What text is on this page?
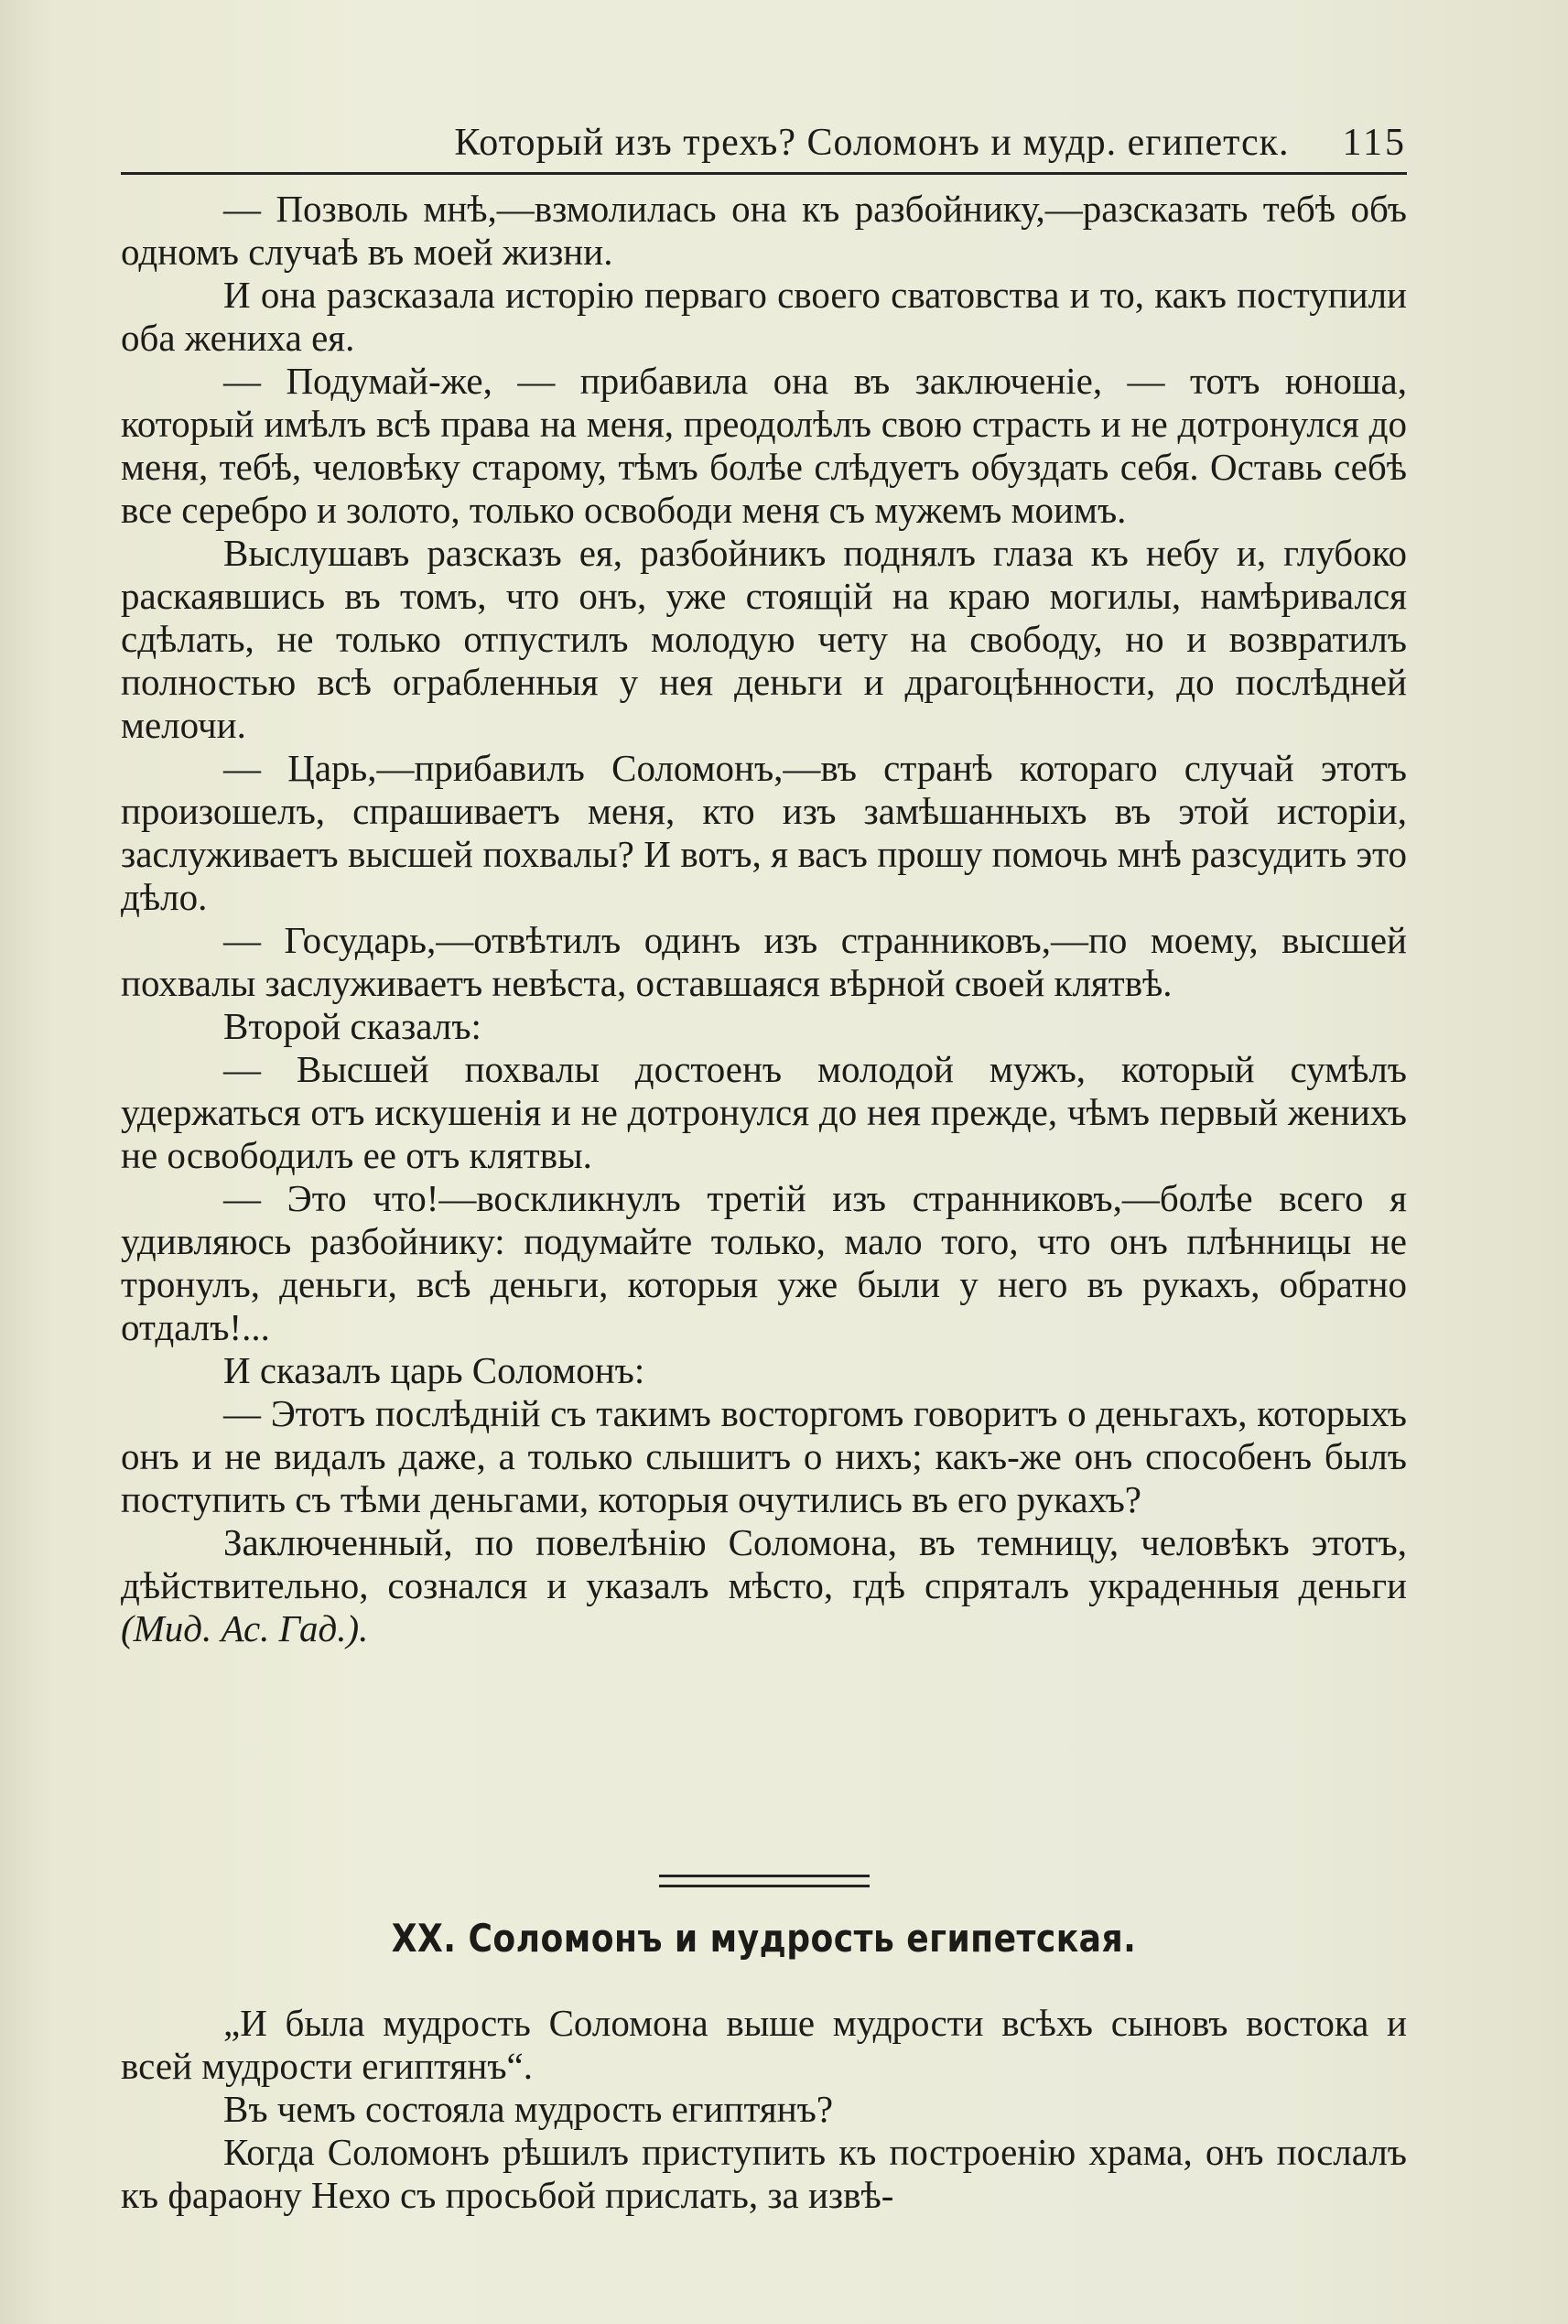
Который изъ трехъ? Соломонъ и мудр. египетск. 115

— Позволь мнѣ,—взмолилась она къ разбойнику,—разсказать тебѣ объ одномъ случаѣ въ моей жизни.

И она разсказала исторію перваго своего сватовства и то, какъ поступили оба жениха ея.

— Подумай-же, — прибавила она въ заключеніе, — тотъ юноша, который имѣлъ всѣ права на меня, преодолѣлъ свою страсть и не дотронулся до меня, тебѣ, человѣку старому, тѣмъ болѣе слѣдуетъ обуздать себя. Оставь себѣ все серебро и золото, только освободи меня съ мужемъ моимъ.

Выслушавъ разсказъ ея, разбойникъ поднялъ глаза къ небу и, глубоко раскаявшись въ томъ, что онъ, уже стоящій на краю могилы, намѣривался сдѣлать, не только отпустилъ молодую чету на свободу, но и возвратилъ полностью всѣ ограбленныя у нея деньги и драгоцѣнности, до послѣдней мелочи.

— Царь,—прибавилъ Соломонъ,—въ странѣ котораго случай этотъ произошелъ, спрашиваетъ меня, кто изъ замѣшанныхъ въ этой исторіи, заслуживаетъ высшей похвалы? И вотъ, я васъ прошу помочь мнѣ разсудить это дѣло.

— Государь,—отвѣтилъ одинъ изъ странниковъ,—по моему, высшей похвалы заслуживаетъ невѣста, оставшаяся вѣрной своей клятвѣ.

Второй сказалъ:

— Высшей похвалы достоенъ молодой мужъ, который сумѣлъ удержаться отъ искушенія и не дотронулся до нея прежде, чѣмъ первый женихъ не освободилъ ее отъ клятвы.

— Это что!—воскликнулъ третій изъ странниковъ,—болѣе всего я удивляюсь разбойнику: подумайте только, мало того, что онъ плѣнницы не тронулъ, деньги, всѣ деньги, которыя уже были у него въ рукахъ, обратно отдалъ!...

И сказалъ царь Соломонъ:

— Этотъ послѣдній съ такимъ восторгомъ говоритъ о деньгахъ, которыхъ онъ и не видалъ даже, а только слышитъ о нихъ; какъ-же онъ способенъ былъ поступить съ тѣми деньгами, которыя очутились въ его рукахъ?

Заключенный, по повелѣнію Соломона, въ темницу, человѣкъ этотъ, дѣйствительно, сознался и указалъ мѣсто, гдѣ спряталъ украденныя деньги (Мид. Ас. Гад.).

XX. Соломонъ и мудрость египетская.

„И была мудрость Соломона выше мудрости всѣхъ сыновъ востока и всей мудрости египтянъ“.

Въ чемъ состояла мудрость египтянъ?

Когда Соломонъ рѣшилъ приступить къ построенію храма, онъ послалъ къ фараону Нехо съ просьбой прислать, за извѣ-
